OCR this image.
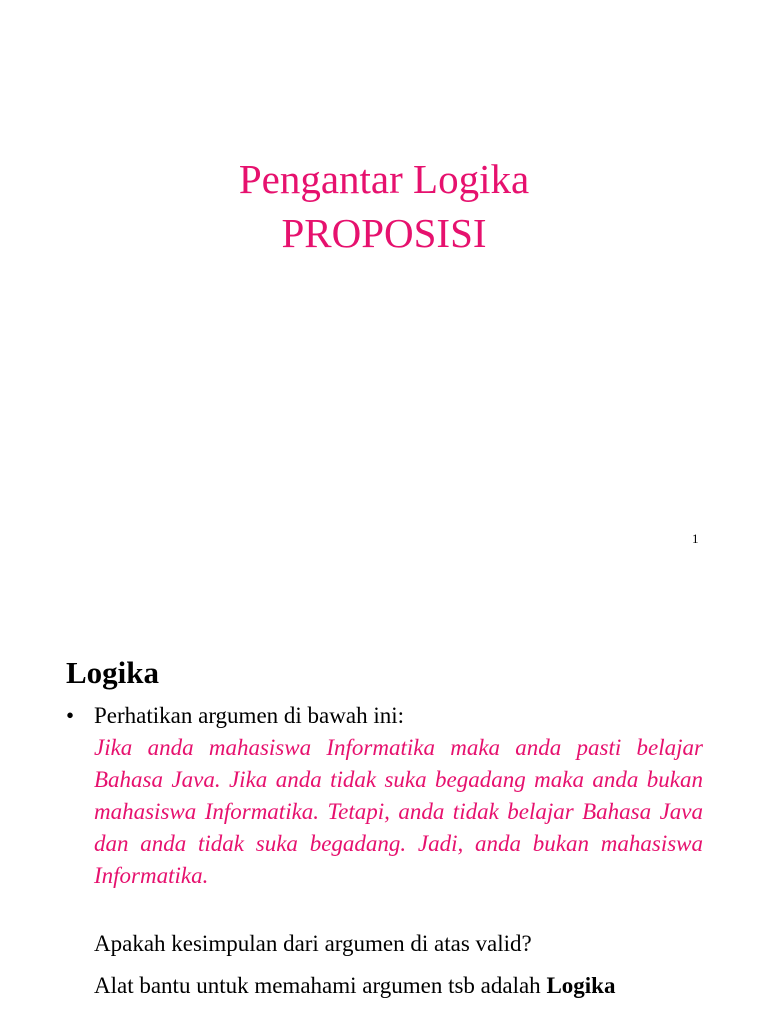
Pengantar Logika
PROPOSISI
1
Logika
• Perhatikan argumen di bawah ini:

Jika anda mahasiswa Informatika maka anda pasti belajar Bahasa Java. Jika anda tidak suka begadang maka anda bukan mahasiswa Informatika. Tetapi, anda tidak belajar Bahasa Java dan anda tidak suka begadang. Jadi, anda bukan mahasiswa Informatika.

Apakah kesimpulan dari argumen di atas valid?

Alat bantu untuk memahami argumen tsb adalah Logika
